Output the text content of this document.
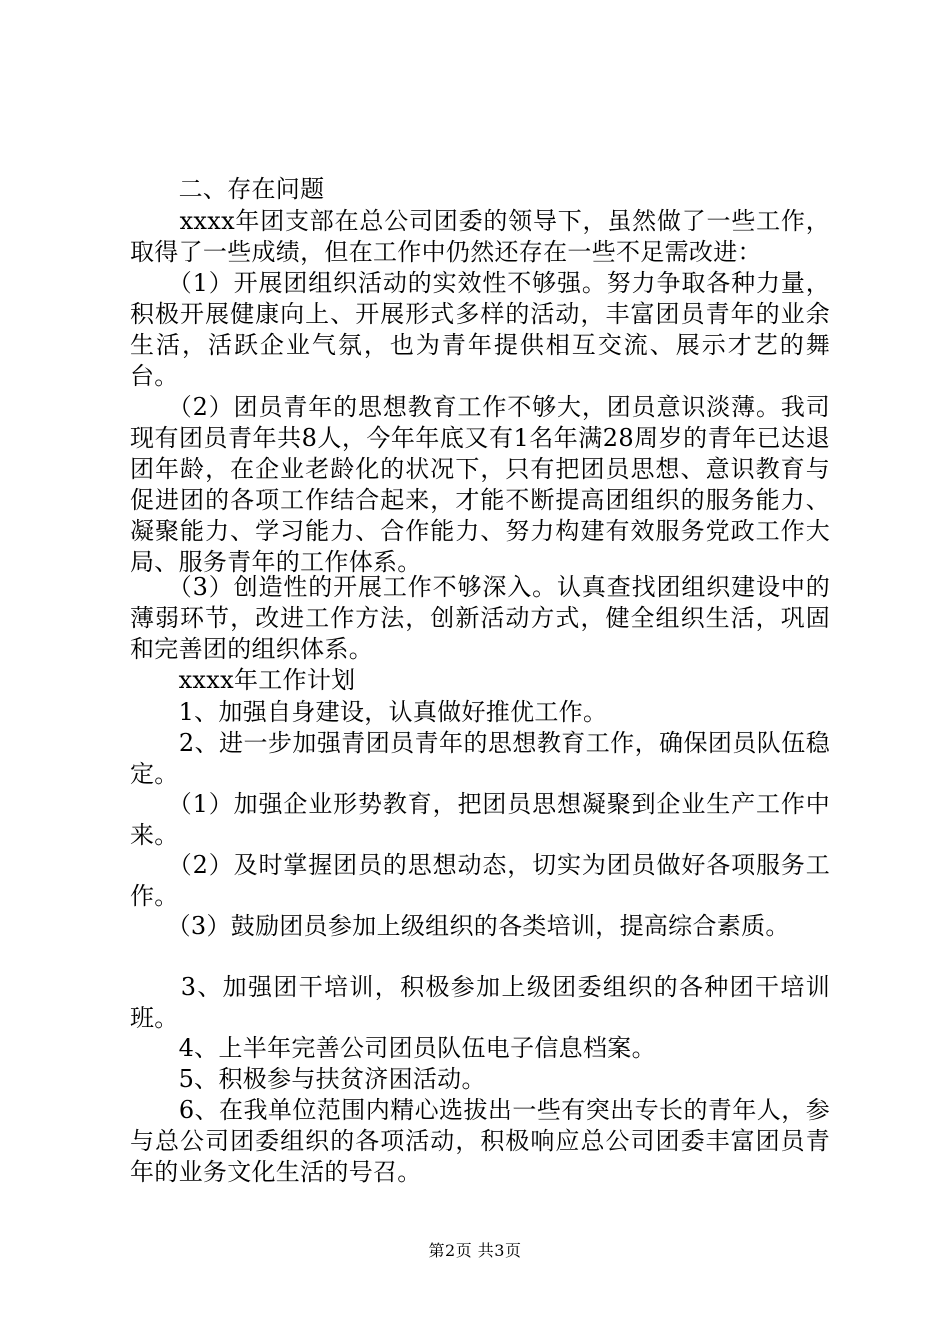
　　二、存在问题

　　xxxx年团支部在总公司团委的领导下，虽然做了一些工作，取得了一些成绩，但在工作中仍然还存在一些不足需改进：

　　（1）开展团组织活动的实效性不够强。努力争取各种力量，积极开展健康向上、开展形式多样的活动，丰富团员青年的业余生活，活跃企业气氛，也为青年提供相互交流、展示才艺的舞台。

　　（2）团员青年的思想教育工作不够大，团员意识淡薄。我司现有团员青年共8人，今年年底又有1名年满28周岁的青年已达退团年龄，在企业老龄化的状况下，只有把团员思想、意识教育与促进团的各项工作结合起来，才能不断提高团组织的服务能力、凝聚能力、学习能力、合作能力、努力构建有效服务党政工作大局、服务青年的工作体系。

　　（3）创造性的开展工作不够深入。认真查找团组织建设中的薄弱环节，改进工作方法，创新活动方式，健全组织生活，巩固和完善团的组织体系。

　　xxxx年工作计划

　　1、加强自身建设，认真做好推优工作。

　　2、进一步加强青团员青年的思想教育工作，确保团员队伍稳定。

　　（1）加强企业形势教育，把团员思想凝聚到企业生产工作中来。

　　（2）及时掌握团员的思想动态，切实为团员做好各项服务工作。

　　（3）鼓励团员参加上级组织的各类培训，提高综合素质。

　　3、加强团干培训，积极参加上级团委组织的各种团干培训班。

　　4、上半年完善公司团员队伍电子信息档案。

　　5、积极参与扶贫济困活动。

　　6、在我单位范围内精心选拔出一些有突出专长的青年人，参与总公司团委组织的各项活动，积极响应总公司团委丰富团员青年的业务文化生活的号召。

第2页 共3页
